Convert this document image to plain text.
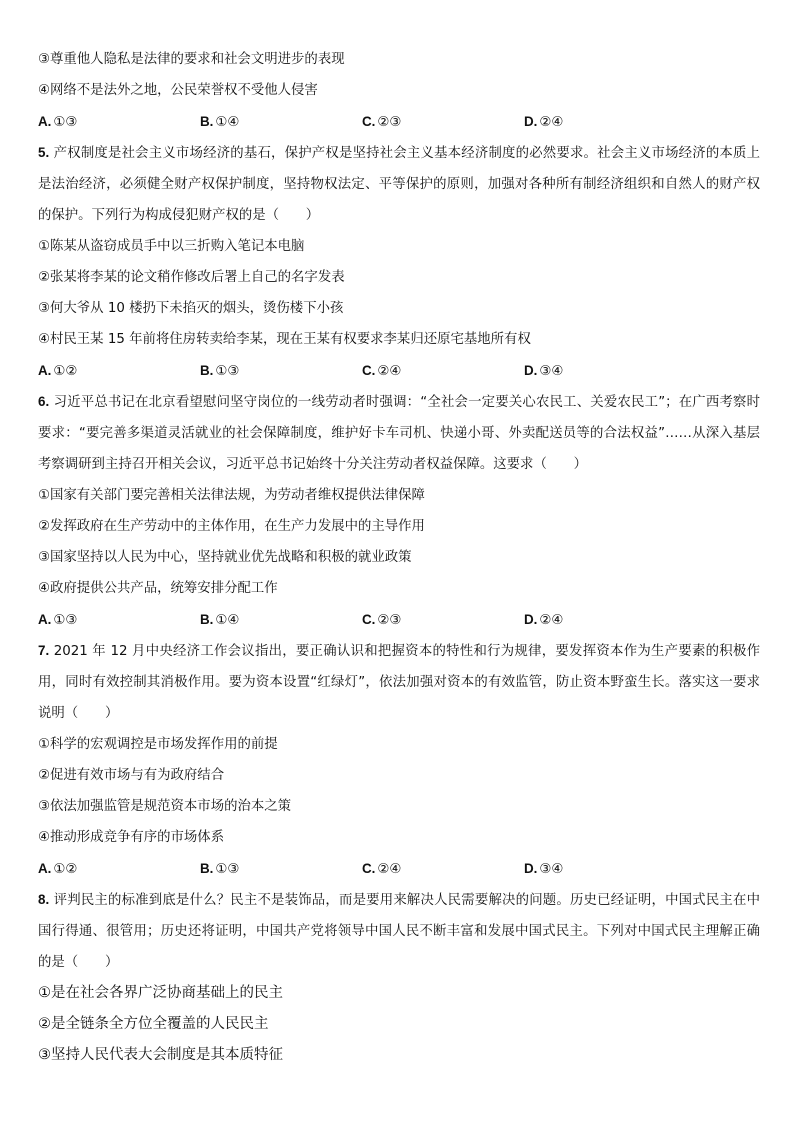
③尊重他人隐私是法律的要求和社会文明进步的表现
④网络不是法外之地，公民荣誉权不受他人侵害
A. ①③	B. ①④	C. ②③	D. ②④
5. 产权制度是社会主义市场经济的基石，保护产权是坚持社会主义基本经济制度的必然要求。社会主义市场经济的本质上是法治经济，必须健全财产权保护制度，坚持物权法定、平等保护的原则，加强对各种所有制经济组织和自然人的财产权的保护。下列行为构成侵犯财产权的是（　　）
①陈某从盗窃成员手中以三折购入笔记本电脑
②张某将李某的论文稍作修改后署上自己的名字发表
③何大爷从 10 楼扔下未掐灭的烟头，烫伤楼下小孩
④村民王某 15 年前将住房转卖给李某，现在王某有权要求李某归还原宅基地所有权
A. ①②	B. ①③	C. ②④	D. ③④
6. 习近平总书记在北京看望慰问坚守岗位的一线劳动者时强调：“全社会一定要关心农民工、关爱农民工”；在广西考察时要求：“要完善多渠道灵活就业的社会保障制度，维护好卡车司机、快递小哥、外卖配送员等的合法权益”……从深入基层考察调研到主持召开相关会议，习近平总书记始终十分关注劳动者权益保障。这要求（　　）
①国家有关部门要完善相关法律法规，为劳动者维权提供法律保障
②发挥政府在生产劳动中的主体作用，在生产力发展中的主导作用
③国家坚持以人民为中心，坚持就业优先战略和积极的就业政策
④政府提供公共产品，统筹安排分配工作
A. ①③	B. ①④	C. ②③	D. ②④
7. 2021 年 12 月中央经济工作会议指出，要正确认识和把握资本的特性和行为规律，要发挥资本作为生产要素的积极作用，同时有效控制其消极作用。要为资本设置“红绿灯”，依法加强对资本的有效监管，防止资本野蛮生长。落实这一要求说明（　　）
①科学的宏观调控是市场发挥作用的前提
②促进有效市场与有为政府结合
③依法加强监管是规范资本市场的治本之策
④推动形成竞争有序的市场体系
A. ①②	B. ①③	C. ②④	D. ③④
8. 评判民主的标准到底是什么？民主不是装饰品，而是要用来解决人民需要解决的问题。历史已经证明，中国式民主在中国行得通、很管用；历史还将证明，中国共产党将领导中国人民不断丰富和发展中国式民主。下列对中国式民主理解正确的是（　　）
①是在社会各界广泛协商基础上的民主
②是全链条全方位全覆盖的人民民主
③坚持人民代表大会制度是其本质特征
